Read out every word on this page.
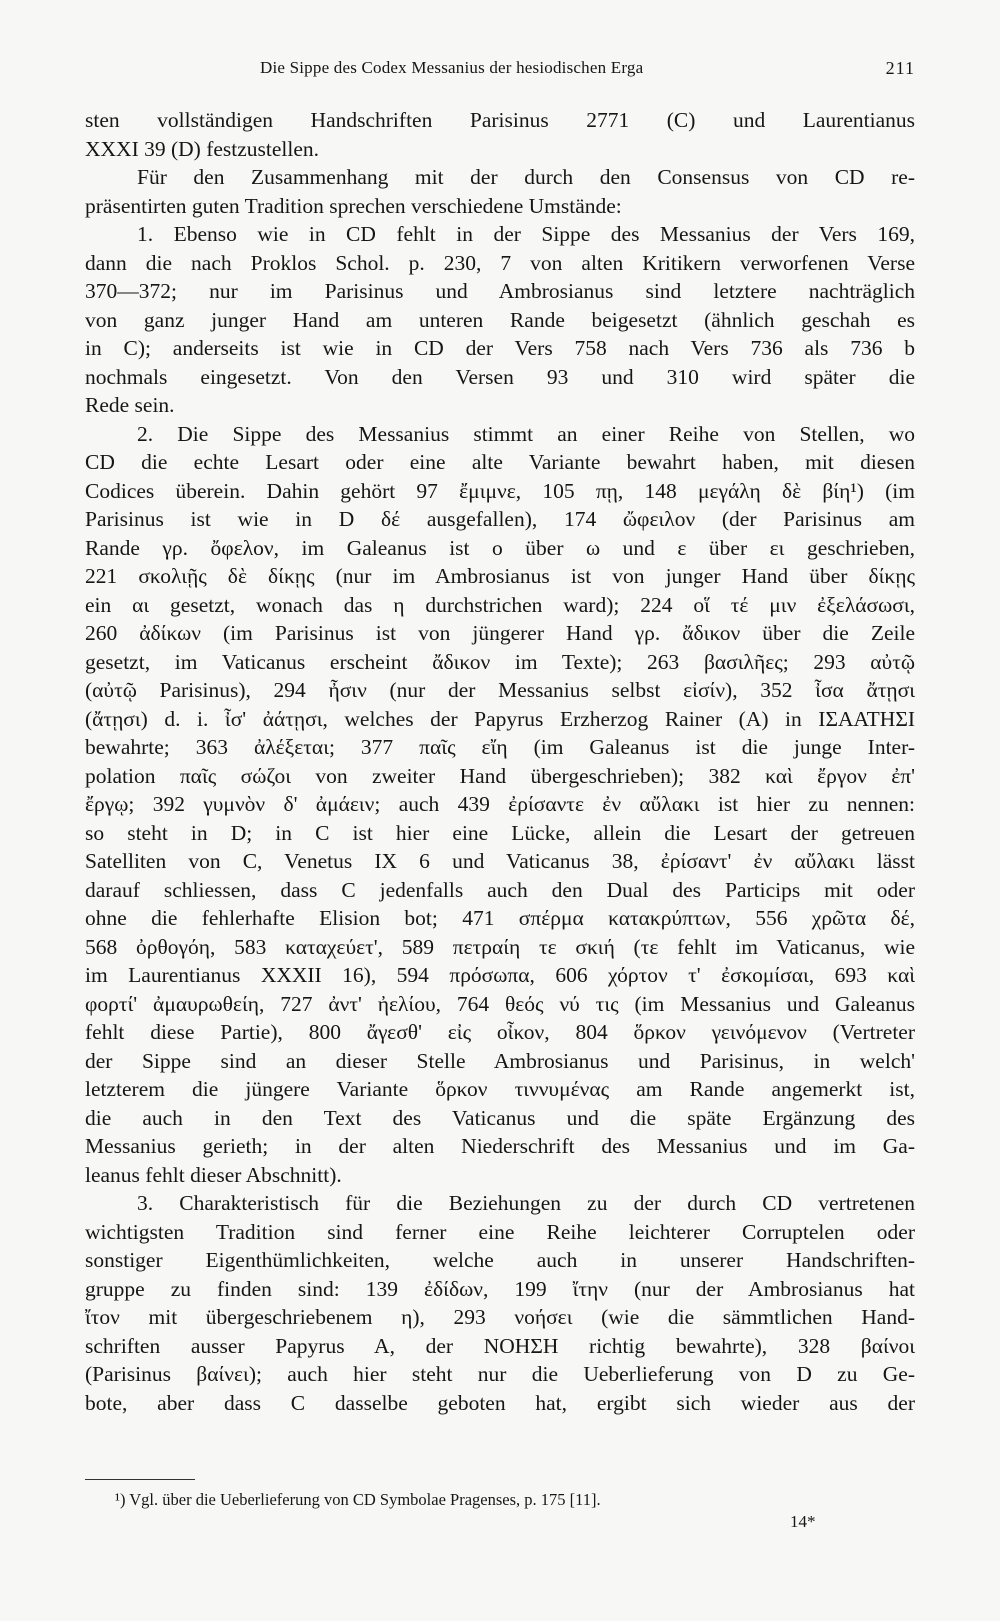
Die Sippe des Codex Messanius der hesiodischen Erga	211
sten vollständigen Handschriften Parisinus 2771 (C) und Laurentianus
XXXI 39 (D) festzustellen.
Für den Zusammenhang mit der durch den Consensus von CD re-
präsentirten guten Tradition sprechen verschiedene Umstände:
1. Ebenso wie in CD fehlt in der Sippe des Messanius der Vers 169,
dann die nach Proklos Schol. p. 230, 7 von alten Kritikern verworfenen Verse
370—372; nur im Parisinus und Ambrosianus sind letztere nachträglich
von ganz junger Hand am unteren Rande beigesetzt (ähnlich geschah es
in C); anderseits ist wie in CD der Vers 758 nach Vers 736 als 736 b
nochmals eingesetzt. Von den Versen 93 und 310 wird später die
Rede sein.
2. Die Sippe des Messanius stimmt an einer Reihe von Stellen, wo
CD die echte Lesart oder eine alte Variante bewahrt haben, mit diesen
Codices überein. Dahin gehört 97 ἔμιμνε, 105 πῃ, 148 μεγάλη δὲ βίη¹) (im
Parisinus ist wie in D δέ ausgefallen), 174 ὤφειλον (der Parisinus am
Rande γρ. ὄφελον, im Galeanus ist ο über ω und ε über ει geschrieben,
221 σκολιῇς δὲ δίκῃς (nur im Ambrosianus ist von junger Hand über δίκῃς
ein αι gesetzt, wonach das η durchstrichen ward); 224 οἵ τέ μιν ἐξελάσωσι,
260 ἀδίκων (im Parisinus ist von jüngerer Hand γρ. ἄδικον über die Zeile
gesetzt, im Vaticanus erscheint ἄδικον im Texte); 263 βασιλῆες; 293 αὐτῷ
(αὐτῷ Parisinus), 294 ἦσιν (nur der Messanius selbst εἰσίν), 352 ἶσα ἄτῃσι
(ἄτῃσι) d. i. ἶσ' ἀάτῃσι, welches der Papyrus Erzherzog Rainer (A) in ΙΣΑΑΤΗΣΙ
bewahrte; 363 ἀλέξεται; 377 παῖς εἴη (im Galeanus ist die junge Inter-
polation παῖς σώζοι von zweiter Hand übergeschrieben); 382 καὶ ἔργον ἐπ'
ἔργῳ; 392 γυμνὸν δ' ἀμάειν; auch 439 ἐρίσαντε ἐν αὔλακι ist hier zu nennen:
so steht in D; in C ist hier eine Lücke, allein die Lesart der getreuen
Satelliten von C, Venetus IX 6 und Vaticanus 38, ἐρίσαντ' ἐν αὔλακι lässt
darauf schliessen, dass C jedenfalls auch den Dual des Particips mit oder
ohne die fehlerhafte Elision bot; 471 σπέρμα κατακρύπτων, 556 χρῶτα δέ,
568 ὀρθογόη, 583 καταχεύετ', 589 πετραίη τε σκιή (τε fehlt im Vaticanus, wie
im Laurentianus XXXII 16), 594 πρόσωπα, 606 χόρτον τ' ἐσκομίσαι, 693 καὶ
φορτί' ἀμαυρωθείη, 727 ἀντ' ἠελίου, 764 θεός νύ τις (im Messanius und Galeanus
fehlt diese Partie), 800 ἄγεσθ' εἰς οἶκον, 804 ὅρκον γεινόμενον (Vertreter
der Sippe sind an dieser Stelle Ambrosianus und Parisinus, in welch'
letzterem die jüngere Variante ὅρκον τιννυμένας am Rande angemerkt ist,
die auch in den Text des Vaticanus und die späte Ergänzung des
Messanius gerieth; in der alten Niederschrift des Messanius und im Ga-
leanus fehlt dieser Abschnitt).
3. Charakteristisch für die Beziehungen zu der durch CD vertretenen
wichtigsten Tradition sind ferner eine Reihe leichterer Corruptelen oder
sonstiger Eigenthümlichkeiten, welche auch in unserer Handschriften-
gruppe zu finden sind: 139 ἐδίδων, 199 ἴτην (nur der Ambrosianus hat
ἴτον mit übergeschriebenem η), 293 νοήσει (wie die sämmtlichen Hand-
schriften ausser Papyrus A, der ΝΟΗΣΗ richtig bewahrte), 328 βαίνοι
(Parisinus βαίνει); auch hier steht nur die Ueberlieferung von D zu Ge-
bote, aber dass C dasselbe geboten hat, ergibt sich wieder aus der
¹) Vgl. über die Ueberlieferung von CD Symbolae Pragenses, p. 175 [11].
14*
